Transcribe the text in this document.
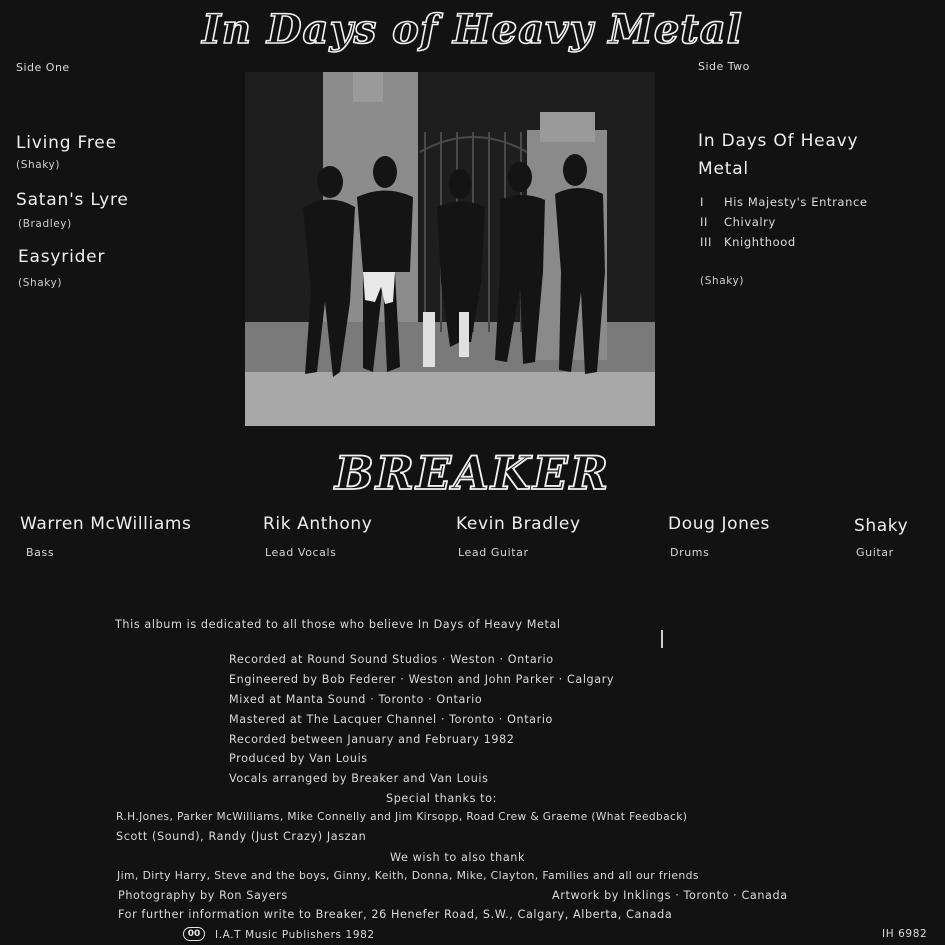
In Days of Heavy Metal
Side One
Living Free
(Shaky)
Satan's Lyre
(Bradley)
Easyrider
(Shaky)
Side Two
In Days Of Heavy
Metal
I His Majesty's Entrance
II Chivalry
III Knighthood
(Shaky)
BREAKER
Warren McWilliams
Bass
Rik Anthony
Lead Vocals
Kevin Bradley
Lead Guitar
Doug Jones
Drums
Shaky
Guitar
This album is dedicated to all those who believe In Days of Heavy Metal
Recorded at Round Sound Studios · Weston · Ontario
Engineered by Bob Federer · Weston and John Parker · Calgary
Mixed at Manta Sound · Toronto · Ontario
Mastered at The Lacquer Channel · Toronto · Ontario
Recorded between January and February 1982
Produced by Van Louis
Vocals arranged by Breaker and Van Louis
Special thanks to:
R.H.Jones, Parker McWilliams, Mike Connelly and Jim Kirsopp, Road Crew & Graeme (What Feedback)
Scott (Sound), Randy (Just Crazy) Jaszan
We wish to also thank
Jim, Dirty Harry, Steve and the boys, Ginny, Keith, Donna, Mike, Clayton, Families and all our friends
Photography by Ron Sayers	Artwork by Inklings · Toronto · Canada
For further information write to Breaker, 26 Henefer Road, S.W., Calgary, Alberta, Canada
00	I.A.T Music Publishers 1982	IH 6982
